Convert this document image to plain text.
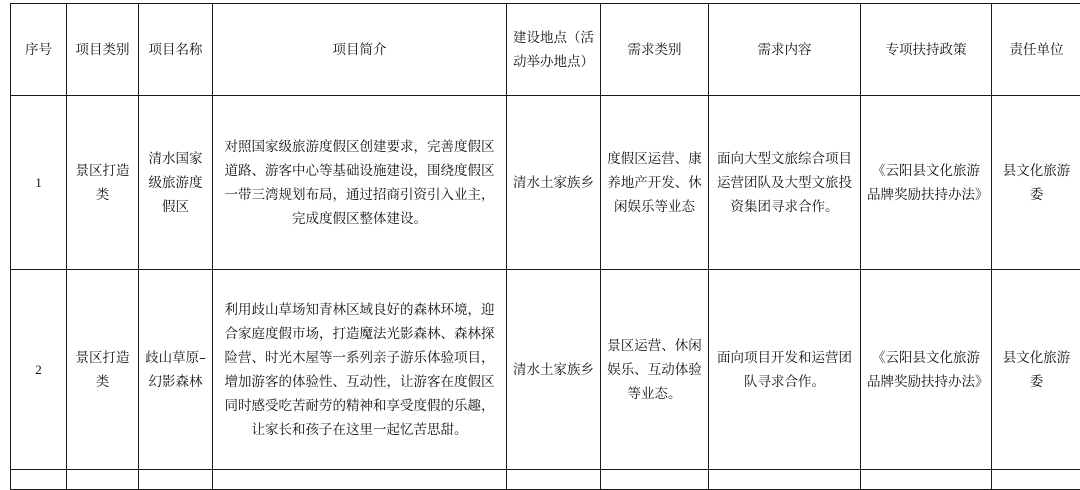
序号	项目类别	项目名称	项目简介	建设地点（活动举办地点）	需求类别	需求内容	专项扶持政策	责任单位
1	景区打造类	清水国家级旅游度假区	对照国家级旅游度假区创建要求，完善度假区道路、游客中心等基础设施建设，围绕度假区一带三湾规划布局，通过招商引资引入业主，完成度假区整体建设。	清水土家族乡	度假区运营、康养地产开发、休闲娱乐等业态	面向大型文旅综合项目运营团队及大型文旅投资集团寻求合作。	《云阳县文化旅游品牌奖励扶持办法》	县文化旅游委
2	景区打造类	歧山草原–幻影森林	利用歧山草场知青林区域良好的森林环境，迎合家庭度假市场，打造魔法光影森林、森林探险营、时光木屋等一系列亲子游乐体验项目，增加游客的体验性、互动性，让游客在度假区同时感受吃苦耐劳的精神和享受度假的乐趣，让家长和孩子在这里一起忆苦思甜。	清水土家族乡	景区运营、休闲娱乐、互动体验等业态。	面向项目开发和运营团队寻求合作。	《云阳县文化旅游品牌奖励扶持办法》	县文化旅游委
